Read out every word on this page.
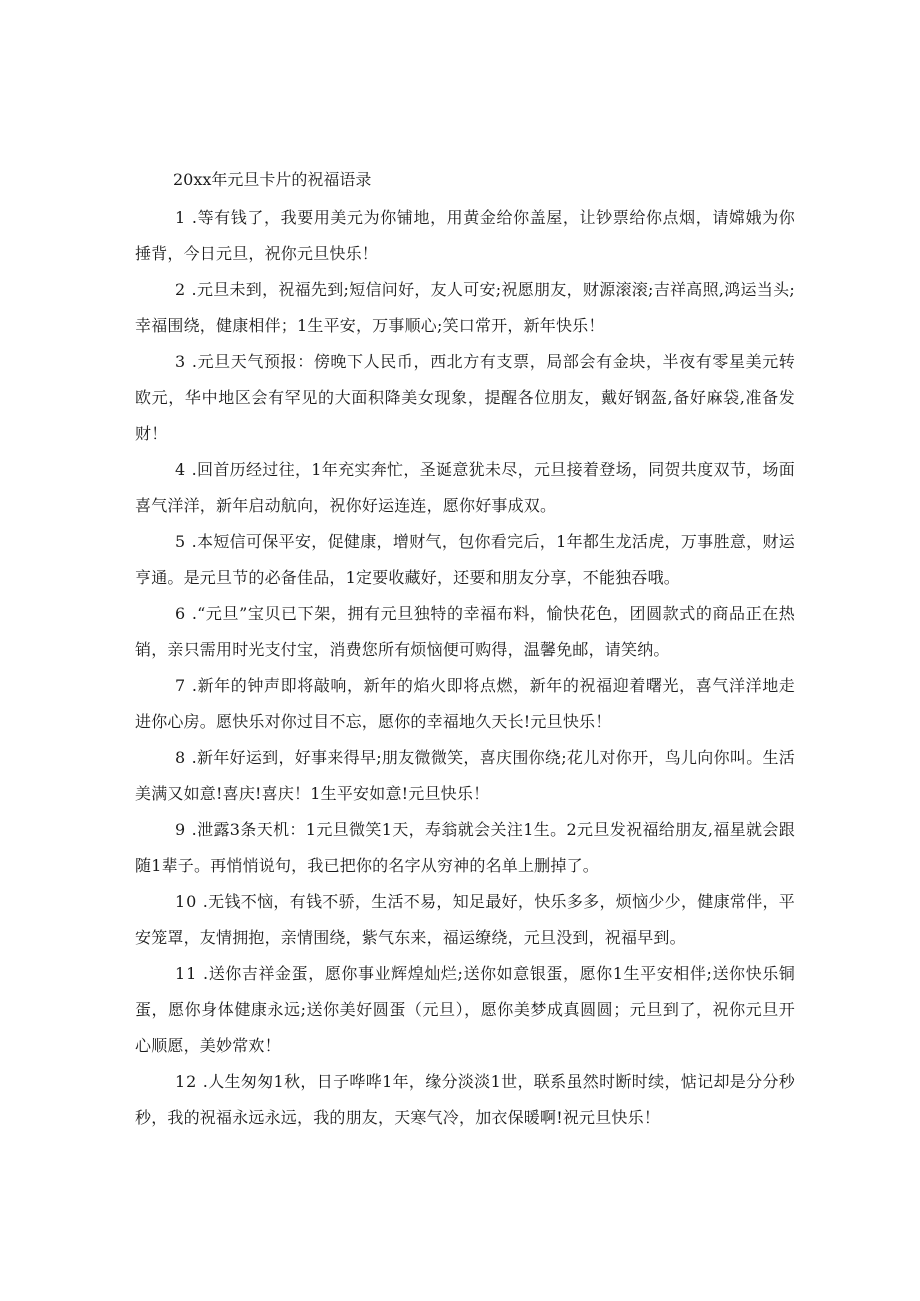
20xx年元旦卡片的祝福语录

1 .等有钱了，我要用美元为你铺地，用黄金给你盖屋，让钞票给你点烟，请嫦娥为你捶背，今日元旦，祝你元旦快乐！

2 .元旦未到，祝福先到;短信问好，友人可安;祝愿朋友，财源滚滚;吉祥高照,鸿运当头;幸福围绕，健康相伴；1生平安，万事顺心;笑口常开，新年快乐！

3 .元旦天气预报：傍晚下人民币，西北方有支票，局部会有金块，半夜有零星美元转欧元，华中地区会有罕见的大面积降美女现象，提醒各位朋友，戴好钢盔,备好麻袋,准备发财！

4 .回首历经过往，1年充实奔忙，圣诞意犹未尽，元旦接着登场，同贺共度双节，场面喜气洋洋，新年启动航向，祝你好运连连，愿你好事成双。

5 .本短信可保平安，促健康，增财气，包你看完后，1年都生龙活虎，万事胜意，财运亨通。是元旦节的必备佳品，1定要收藏好，还要和朋友分享，不能独吞哦。

6 .“元旦”宝贝已下架，拥有元旦独特的幸福布料，愉快花色，团圆款式的商品正在热销，亲只需用时光支付宝，消费您所有烦恼便可购得，温馨免邮，请笑纳。

7 .新年的钟声即将敲响，新年的焰火即将点燃，新年的祝福迎着曙光，喜气洋洋地走进你心房。愿快乐对你过目不忘，愿你的幸福地久天长!元旦快乐！

8 .新年好运到，好事来得早;朋友微微笑，喜庆围你绕;花儿对你开，鸟儿向你叫。生活美满又如意!喜庆!喜庆！1生平安如意!元旦快乐！

9 .泄露3条天机：1元旦微笑1天，寿翁就会关注1生。2元旦发祝福给朋友,福星就会跟随1辈子。再悄悄说句，我已把你的名字从穷神的名单上删掉了。

10 .无钱不恼，有钱不骄，生活不易，知足最好，快乐多多，烦恼少少，健康常伴，平安笼罩，友情拥抱，亲情围绕，紫气东来，福运缭绕，元旦没到，祝福早到。

11 .送你吉祥金蛋，愿你事业辉煌灿烂;送你如意银蛋，愿你1生平安相伴;送你快乐铜蛋，愿你身体健康永远;送你美好圆蛋（元旦），愿你美梦成真圆圆；元旦到了，祝你元旦开心顺愿，美妙常欢！

12 .人生匆匆1秋，日子哗哗1年，缘分淡淡1世，联系虽然时断时续，惦记却是分分秒秒，我的祝福永远永远，我的朋友，天寒气冷，加衣保暖啊!祝元旦快乐！
